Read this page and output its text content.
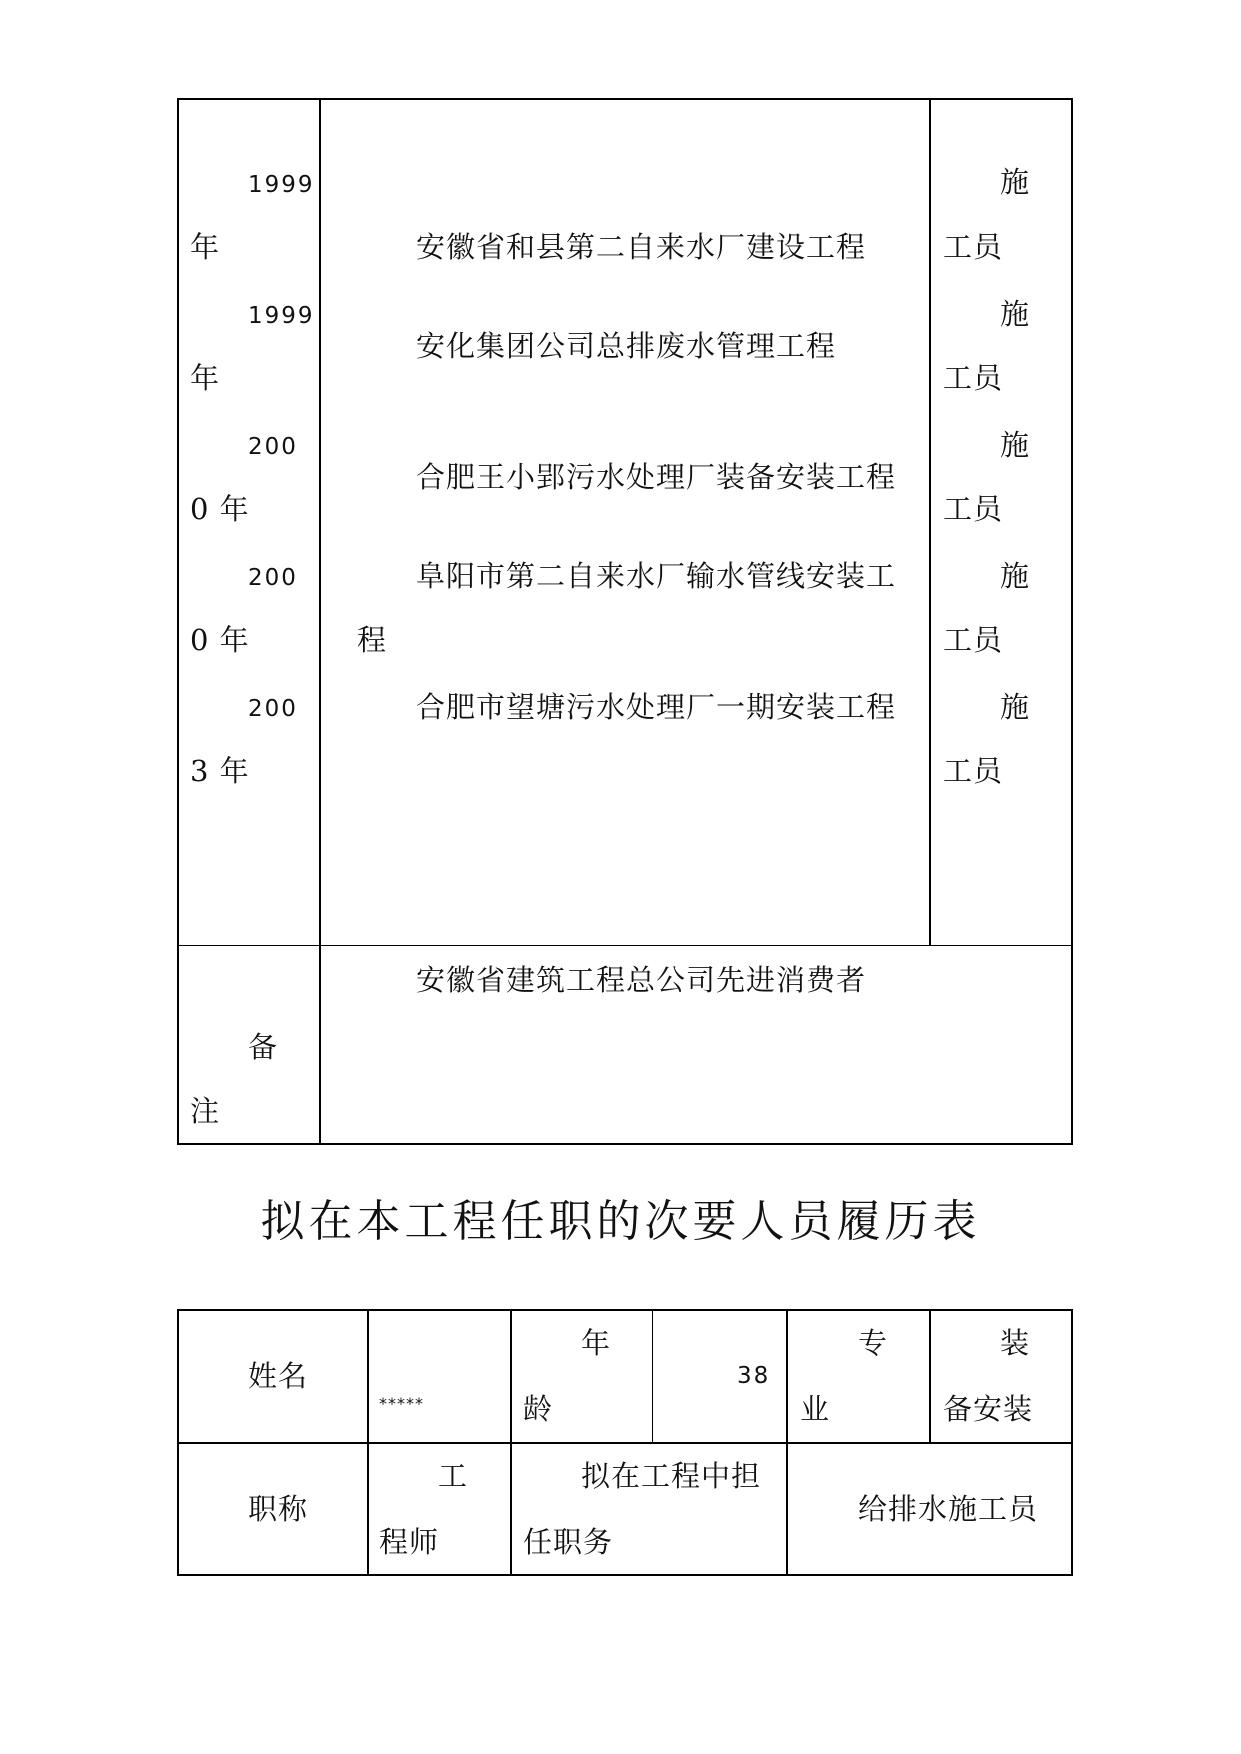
1999
年	安徽省和县第二自来水厂建设工程
施
工员
1999
年
安化集团公司总排废水管理工程
施
工员
200
0 年
合肥王小郢污水处理厂装备安装工程
施
工员
200
0 年
阜阳市第二自来水厂输水管线安装工
程
施
工员
200
3 年
合肥市望塘污水处理厂一期安装工程	施
工员
备
注
安徽省建筑工程总公司先进消费者
拟在本工程任职的次要人员履历表
姓名
*****
年
龄
38
专
业
装
备安装
职称
工
程师
拟在工程中担
任职务
给排水施工员
